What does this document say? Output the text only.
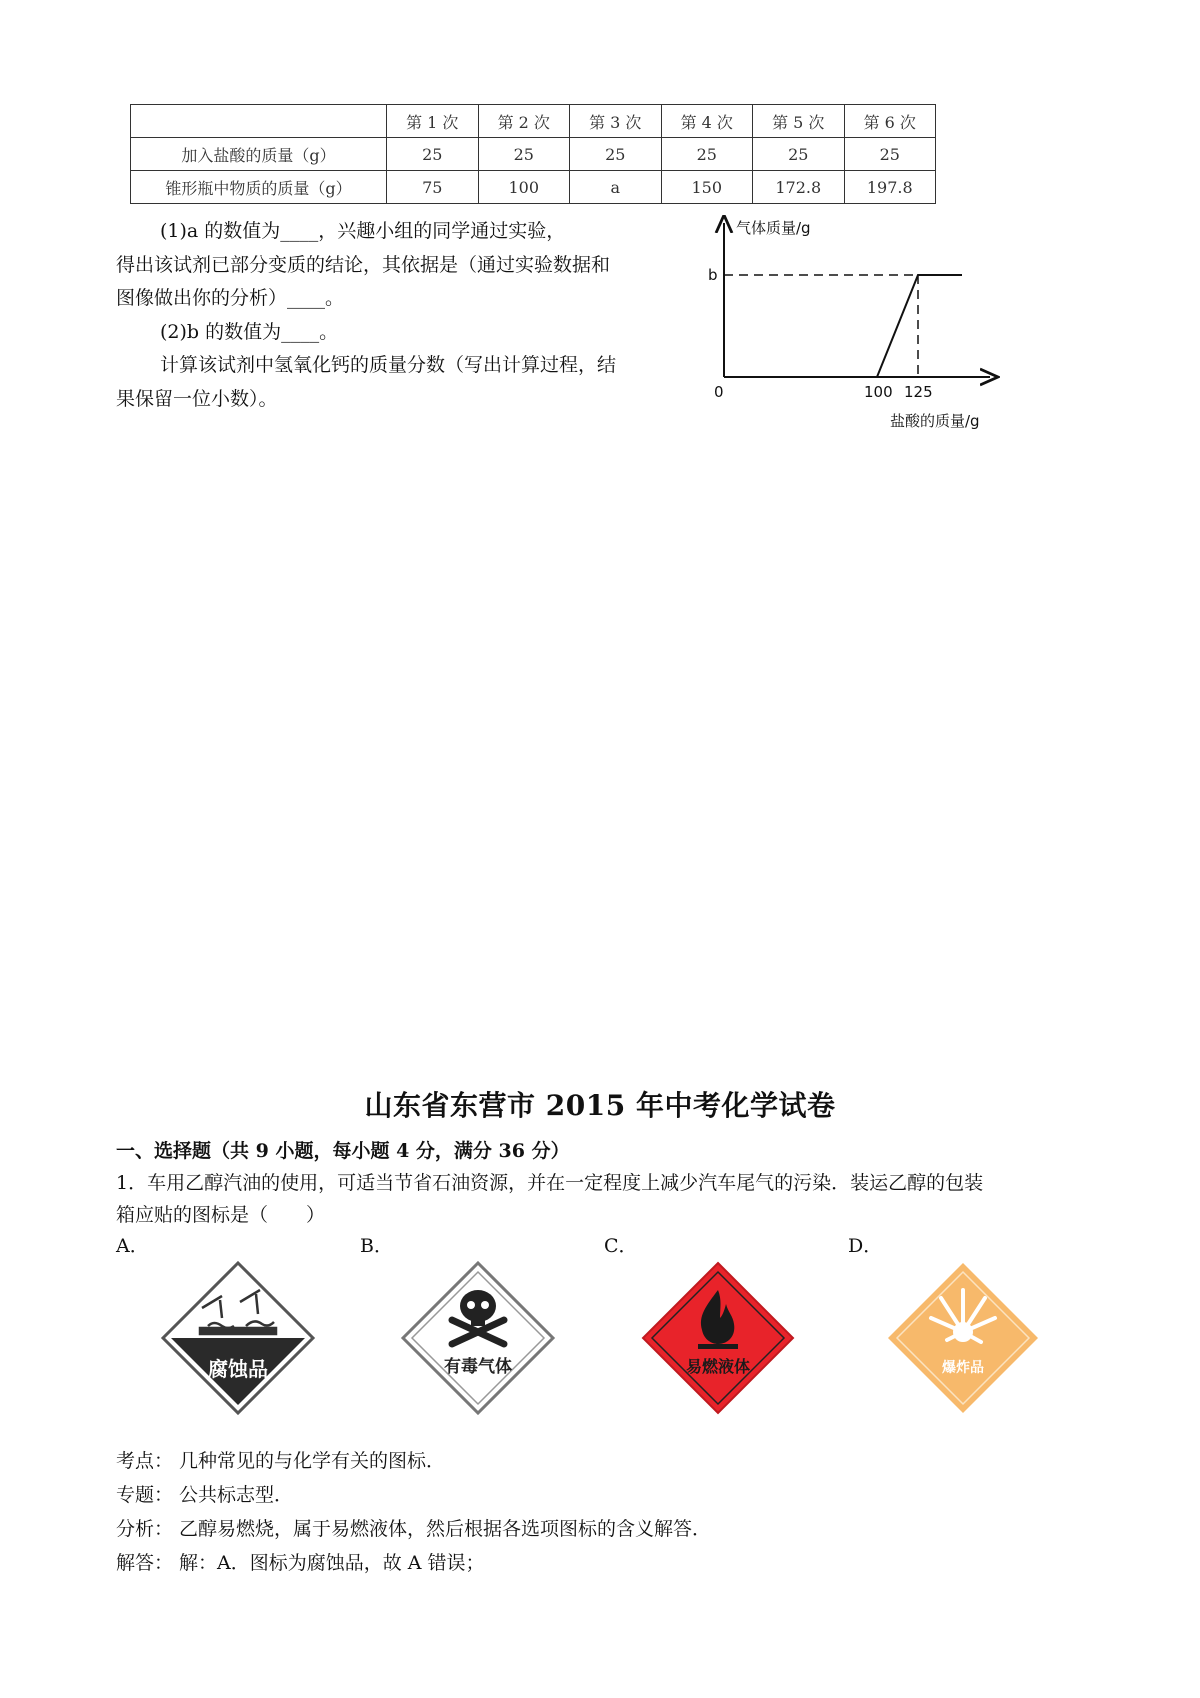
	第 1 次	第 2 次	第 3 次	第 4 次	第 5 次	第 6 次
加入盐酸的质量（g）	25	25	25	25	25	25
锥形瓶中物质的质量（g）	75	100	a	150	172.8	197.8
(1)a 的数值为____，兴趣小组的同学通过实验，
得出该试剂已部分变质的结论，其依据是（通过实验数据和
图像做出你的分析）____。
(2)b 的数值为____。
计算该试剂中氢氧化钙的质量分数（写出计算过程，结
果保留一位小数）。
气体质量/g
盐酸的质量/g
0	100 125
b
山东省东营市 2015 年中考化学试卷
一、选择题（共 9 小题，每小题 4 分，满分 36 分）
1．车用乙醇汽油的使用，可适当节省石油资源，并在一定程度上减少汽车尾气的污染．装运乙醇的包装
箱应贴的图标是（　　）
A．	B．	C．	D．
腐蚀品	有毒气体	易燃液体	爆炸品
考点： 几种常见的与化学有关的图标．
专题： 公共标志型．
分析： 乙醇易燃烧，属于易燃液体，然后根据各选项图标的含义解答．
解答： 解：A．图标为腐蚀品，故 A 错误；
